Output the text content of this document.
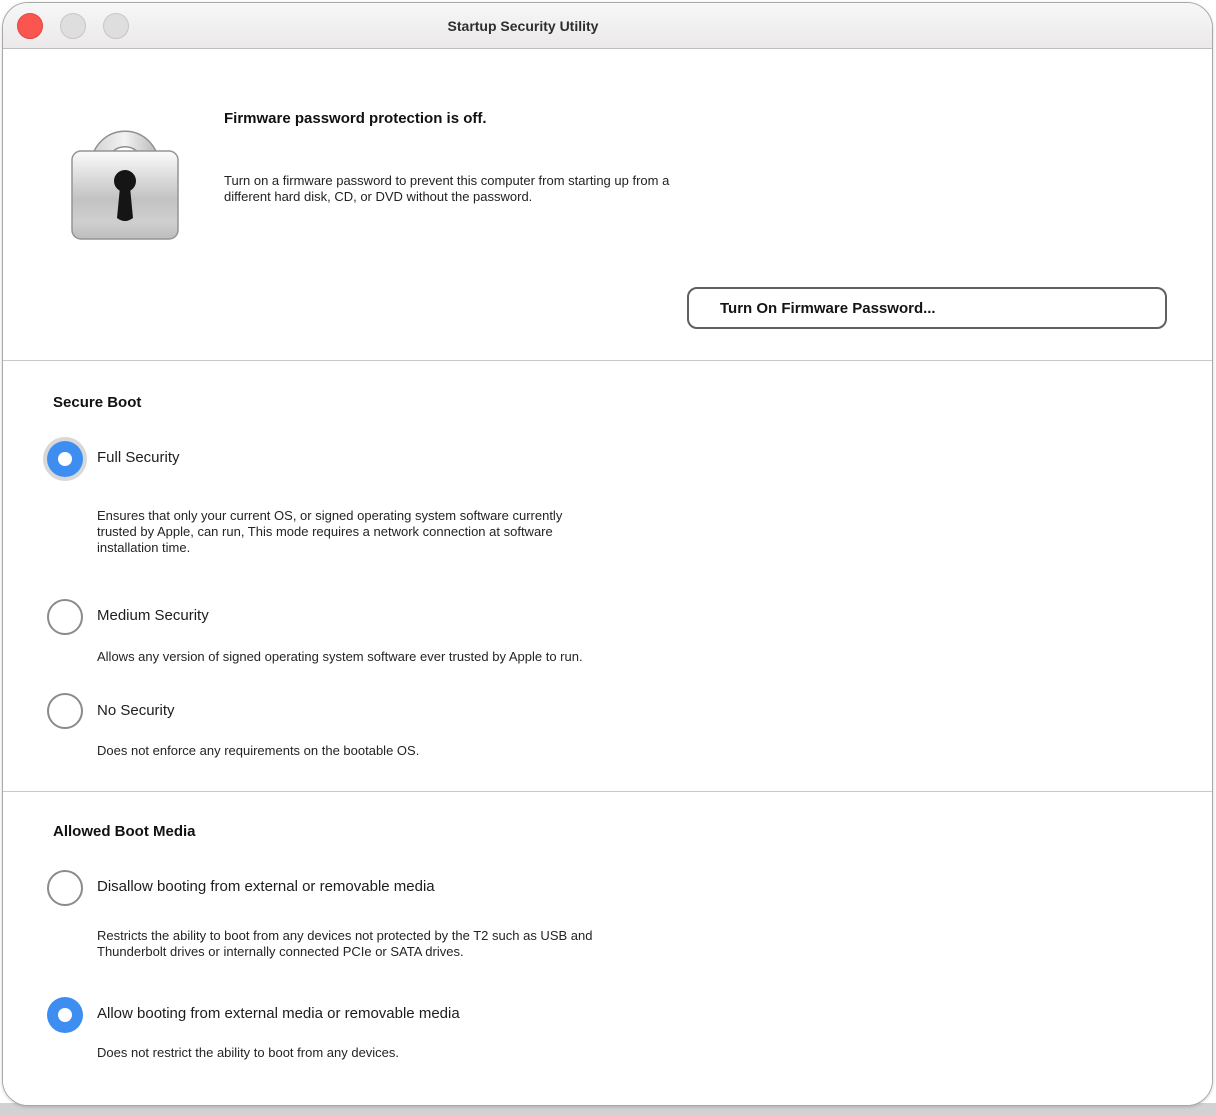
Startup Security Utility
Firmware password protection is off.
Turn on a firmware password to prevent this computer from starting up from a different hard disk, CD, or DVD without the password.
Turn On Firmware Password...
Secure Boot
Full Security
Ensures that only your current OS, or signed operating system software currently trusted by Apple, can run, This mode requires a network connection at software installation time.
Medium Security
Allows any version of signed operating system software ever trusted by Apple to run.
No Security
Does not enforce any requirements on the bootable OS.
Allowed Boot Media
Disallow booting from external or removable media
Restricts the ability to boot from any devices not protected by the T2 such as USB and Thunderbolt drives or internally connected PCIe or SATA drives.
Allow booting from external media or removable media
Does not restrict the ability to boot from any devices.
